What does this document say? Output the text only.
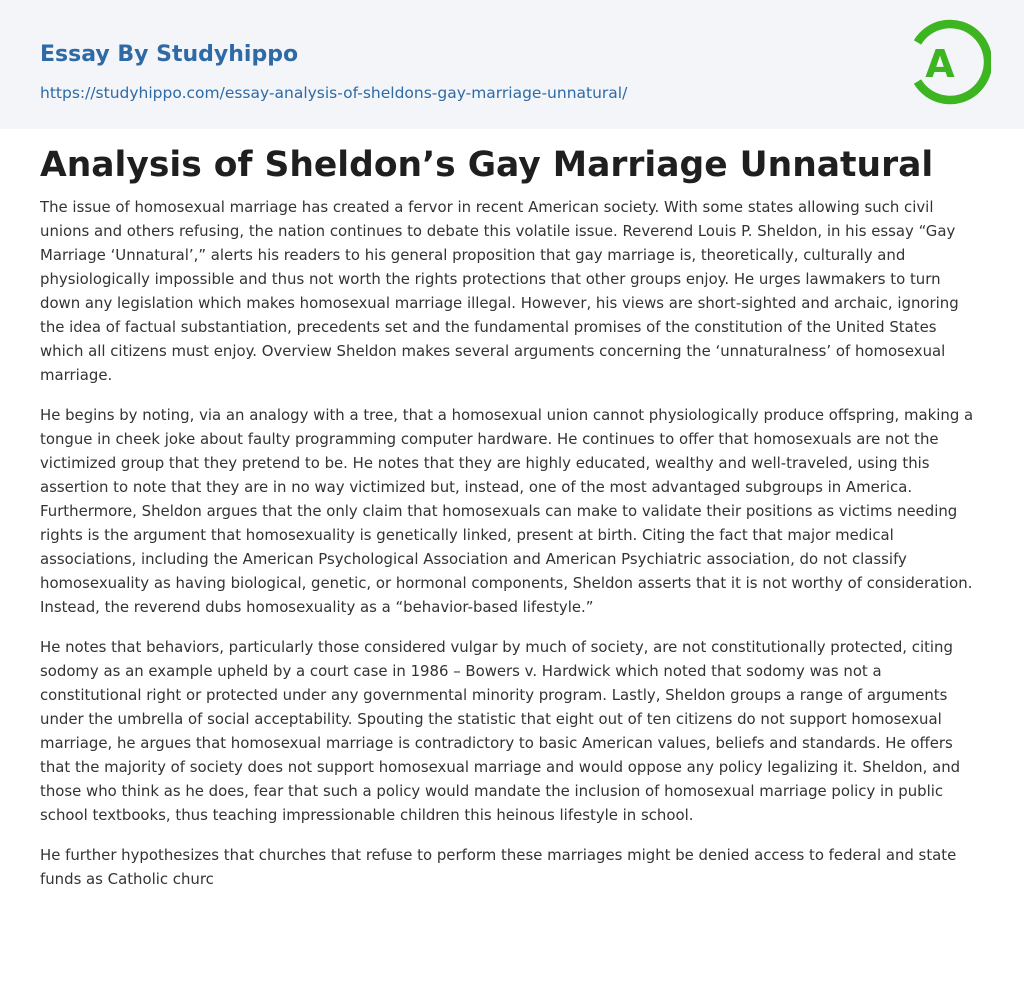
Essay By Studyhippo
https://studyhippo.com/essay-analysis-of-sheldons-gay-marriage-unnatural/
A
Analysis of Sheldon’s Gay Marriage Unnatural

The issue of homosexual marriage has created a fervor in recent American society. With some states allowing such civil unions and others refusing, the nation continues to debate this volatile issue. Reverend Louis P. Sheldon, in his essay “Gay Marriage ‘Unnatural’,” alerts his readers to his general proposition that gay marriage is, theoretically, culturally and physiologically impossible and thus not worth the rights protections that other groups enjoy. He urges lawmakers to turn down any legislation which makes homosexual marriage illegal. However, his views are short-sighted and archaic, ignoring the idea of factual substantiation, precedents set and the fundamental promises of the constitution of the United States which all citizens must enjoy. Overview Sheldon makes several arguments concerning the ‘unnaturalness’ of homosexual marriage.

He begins by noting, via an analogy with a tree, that a homosexual union cannot physiologically produce offspring, making a tongue in cheek joke about faulty programming computer hardware. He continues to offer that homosexuals are not the victimized group that they pretend to be. He notes that they are highly educated, wealthy and well-traveled, using this assertion to note that they are in no way victimized but, instead, one of the most advantaged subgroups in America. Furthermore, Sheldon argues that the only claim that homosexuals can make to validate their positions as victims needing rights is the argument that homosexuality is genetically linked, present at birth. Citing the fact that major medical associations, including the American Psychological Association and American Psychiatric association, do not classify homosexuality as having biological, genetic, or hormonal components, Sheldon asserts that it is not worthy of consideration. Instead, the reverend dubs homosexuality as a “behavior-based lifestyle.”

He notes that behaviors, particularly those considered vulgar by much of society, are not constitutionally protected, citing sodomy as an example upheld by a court case in 1986 – Bowers v. Hardwick which noted that sodomy was not a constitutional right or protected under any governmental minority program. Lastly, Sheldon groups a range of arguments under the umbrella of social acceptability. Spouting the statistic that eight out of ten citizens do not support homosexual marriage, he argues that homosexual marriage is contradictory to basic American values, beliefs and standards. He offers that the majority of society does not support homosexual marriage and would oppose any policy legalizing it. Sheldon, and those who think as he does, fear that such a policy would mandate the inclusion of homosexual marriage policy in public school textbooks, thus teaching impressionable children this heinous lifestyle in school.

He further hypothesizes that churches that refuse to perform these marriages might be denied access to federal and state funds as Catholic churc
